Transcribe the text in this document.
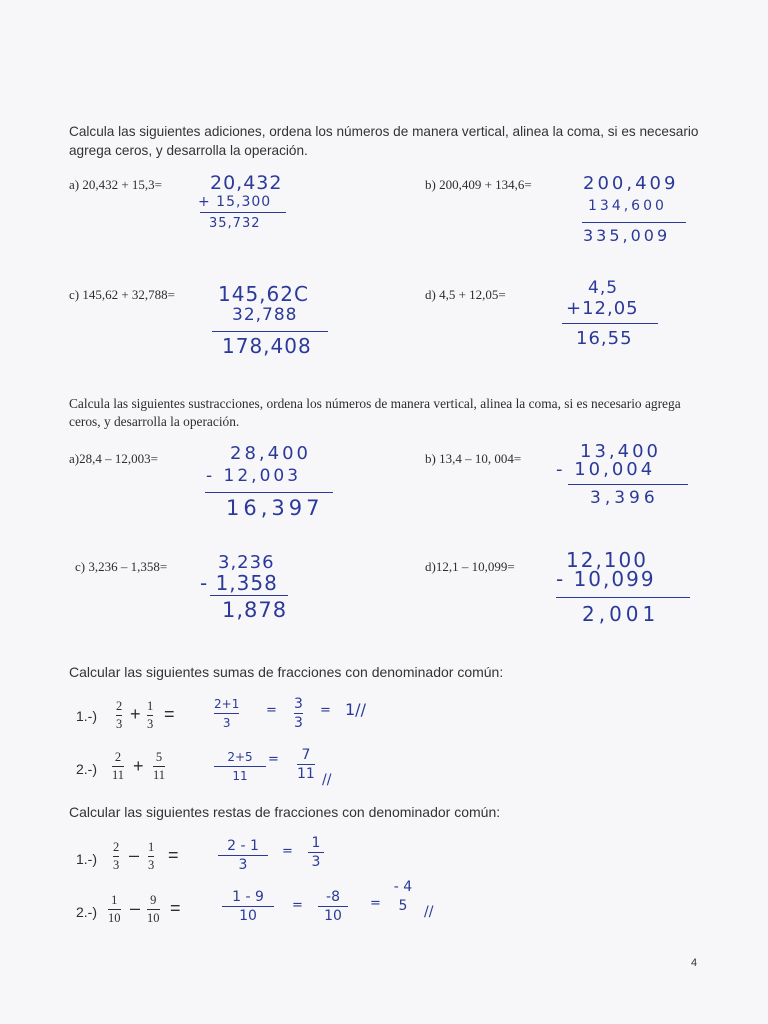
Calcula las siguientes adiciones, ordena los números de manera vertical, alinea la coma, si es necesario agrega ceros, y desarrolla la operación.
a) 20,432 + 15,3=	20,432
+ 15,300
35,732
b) 200,409 + 134,6=	200,409
134,600
335,009
c) 145,62 + 32,788= 145,62C
32,788
178,408
d) 4,5 + 12,05=	4,5
+12,05
16,55
Calcula las siguientes sustracciones, ordena los números de manera vertical, alinea la coma, si es necesario agrega ceros, y desarrolla la operación.
a)28,4 – 12,003=	28,400
- 12,003
16,397
b) 13,4 – 10, 004=	13,400
- 10,004
3,396
c) 3,236 – 1,358=	3,236
- 1,358
1,878
d)12,1 – 10,099=	12,100
- 10,099
2,001
Calcular las siguientes sumas de fracciones con denominador común:
1.-)
2
3 + 1
3 =	2+1
3
= 3
3
= 1//
2.-)
2
11 + 5
11
2+5
11
= 7
11 //
Calcular las siguientes restas de fracciones con denominador común:
1.-)
2
3 – 1
3 =	2 - 1
3
=
1
3
2.-)
1
10 – 9
10 =
1 - 9
10
=
-8
10
=
- 4
5 //
4
